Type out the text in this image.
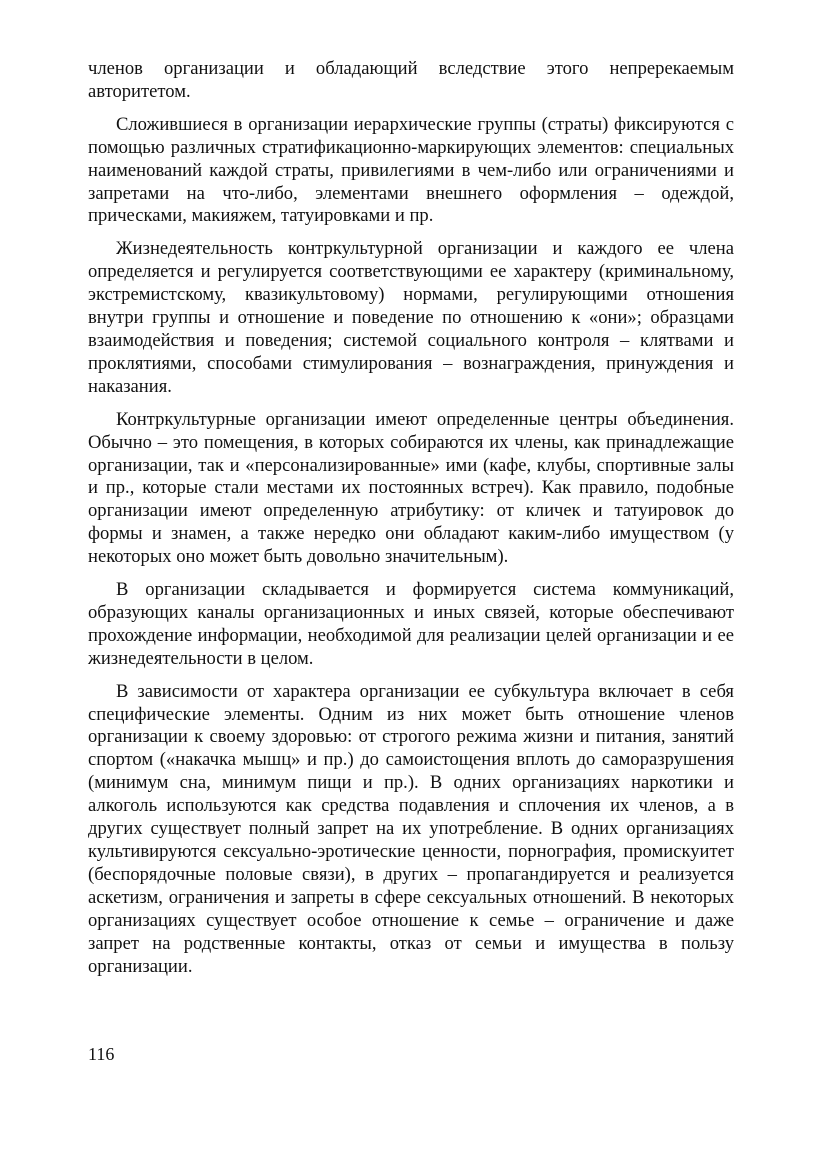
членов организации и обладающий вследствие этого непререкаемым авторитетом.

Сложившиеся в организации иерархические группы (страты) фиксируются с помощью различных стратификационно-маркирующих элементов: специальных наименований каждой страты, привилегиями в чем-либо или ограничениями и запретами на что-либо, элементами внешнего оформления – одеждой, прическами, макияжем, татуировками и пр.

Жизнедеятельность контркультурной организации и каждого ее члена определяется и регулируется соответствующими ее характеру (криминальному, экстремистскому, квазикультовому) нормами, регулирующими отношения внутри группы и отношение и поведение по отношению к «они»; образцами взаимодействия и поведения; системой социального контроля – клятвами и проклятиями, способами стимулирования – вознаграждения, принуждения и наказания.

Контркультурные организации имеют определенные центры объединения. Обычно – это помещения, в которых собираются их члены, как принадлежащие организации, так и «персонализированные» ими (кафе, клубы, спортивные залы и пр., которые стали местами их постоянных встреч). Как правило, подобные организации имеют определенную атрибутику: от кличек и татуировок до формы и знамен, а также нередко они обладают каким-либо имуществом (у некоторых оно может быть довольно значительным).

В организации складывается и формируется система коммуникаций, образующих каналы организационных и иных связей, которые обеспечивают прохождение информации, необходимой для реализации целей организации и ее жизнедеятельности в целом.

В зависимости от характера организации ее субкультура включает в себя специфические элементы. Одним из них может быть отношение членов организации к своему здоровью: от строгого режима жизни и питания, занятий спортом («накачка мышц» и пр.) до самоистощения вплоть до саморазрушения (минимум сна, минимум пищи и пр.). В одних организациях наркотики и алкоголь используются как средства подавления и сплочения их членов, а в других существует полный запрет на их употребление. В одних организациях культивируются сексуально-эротические ценности, порнография, промискуитет (беспорядочные половые связи), в других – пропагандируется и реализуется аскетизм, ограничения и запреты в сфере сексуальных отношений. В некоторых организациях существует особое отношение к семье – ограничение и даже запрет на родственные контакты, отказ от семьи и имущества в пользу организации.

116
